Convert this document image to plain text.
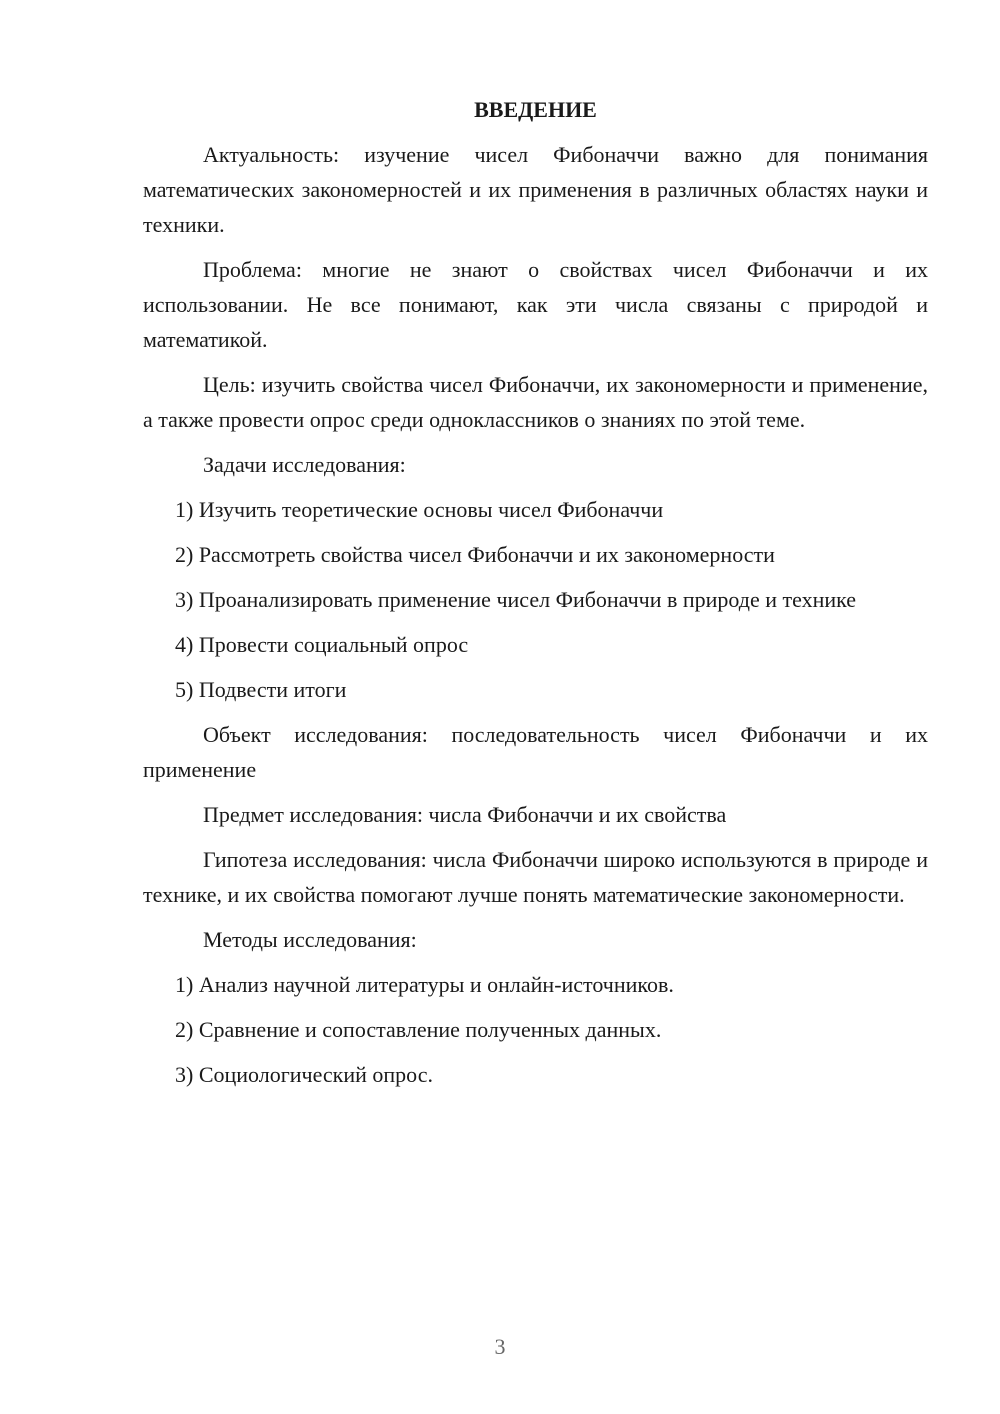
ВВЕДЕНИЕ

Актуальность: изучение чисел Фибоначчи важно для понимания математических закономерностей и их применения в различных областях науки и техники.

Проблема: многие не знают о свойствах чисел Фибоначчи и их использовании. Не все понимают, как эти числа связаны с природой и математикой.

Цель: изучить свойства чисел Фибоначчи, их закономерности и применение, а также провести опрос среди одноклассников о знаниях по этой теме.

Задачи исследования:

1) Изучить теоретические основы чисел Фибоначчи

2) Рассмотреть свойства чисел Фибоначчи и их закономерности

3) Проанализировать применение чисел Фибоначчи в природе и технике

4) Провести социальный опрос

5) Подвести итоги

Объект исследования: последовательность чисел Фибоначчи и их применение

Предмет исследования: числа Фибоначчи и их свойства

Гипотеза исследования: числа Фибоначчи широко используются в природе и технике, и их свойства помогают лучше понять математические закономерности.

Методы исследования:

1) Анализ научной литературы и онлайн-источников.

2) Сравнение и сопоставление полученных данных.

3) Социологический опрос.

3
